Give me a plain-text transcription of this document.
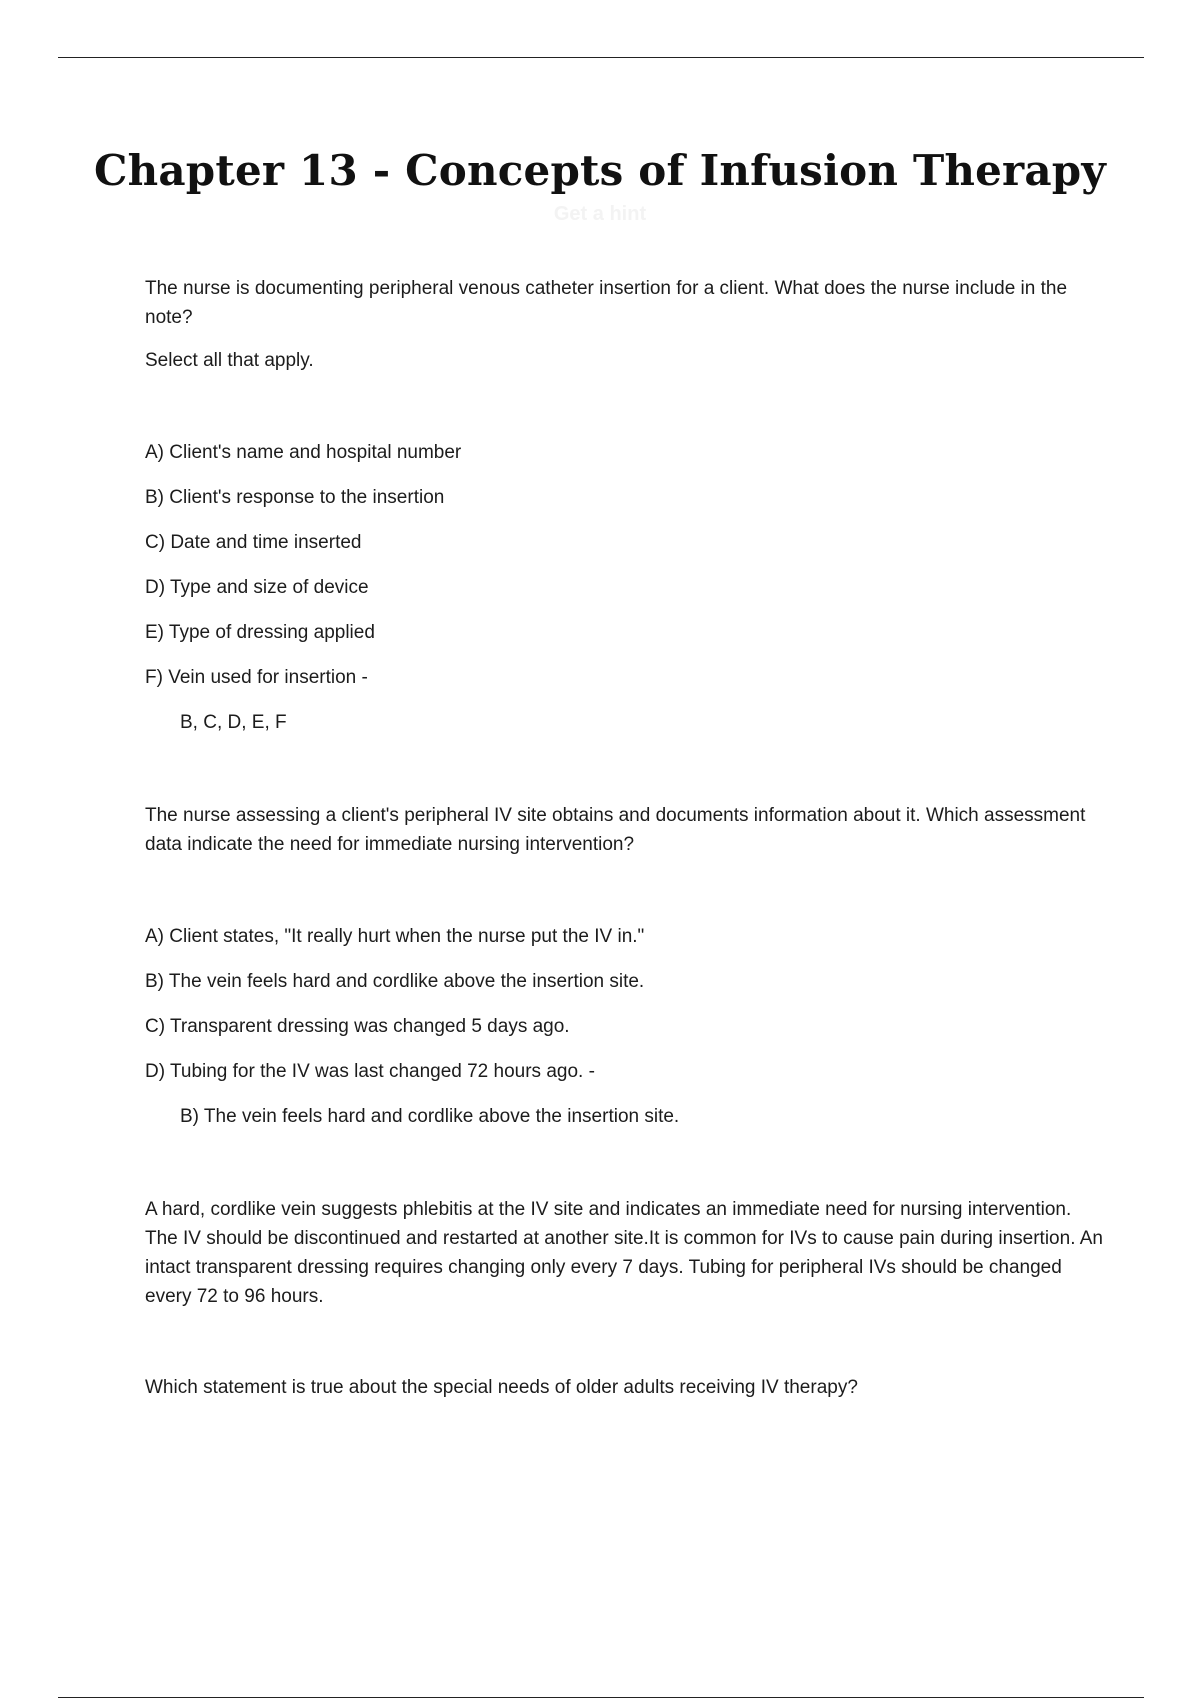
Chapter 13 - Concepts of Infusion Therapy
Get a hint

The nurse is documenting peripheral venous catheter insertion for a client. What does the nurse include in the note?

Select all that apply.

A) Client's name and hospital number

B) Client's response to the insertion

C) Date and time inserted

D) Type and size of device

E) Type of dressing applied

F) Vein used for insertion -

B, C, D, E, F

The nurse assessing a client's peripheral IV site obtains and documents information about it. Which assessment data indicate the need for immediate nursing intervention?

A) Client states, "It really hurt when the nurse put the IV in."

B) The vein feels hard and cordlike above the insertion site.

C) Transparent dressing was changed 5 days ago.

D) Tubing for the IV was last changed 72 hours ago. -

B) The vein feels hard and cordlike above the insertion site.

A hard, cordlike vein suggests phlebitis at the IV site and indicates an immediate need for nursing intervention. The IV should be discontinued and restarted at another site.It is common for IVs to cause pain during insertion. An intact transparent dressing requires changing only every 7 days. Tubing for peripheral IVs should be changed every 72 to 96 hours.

Which statement is true about the special needs of older adults receiving IV therapy?
